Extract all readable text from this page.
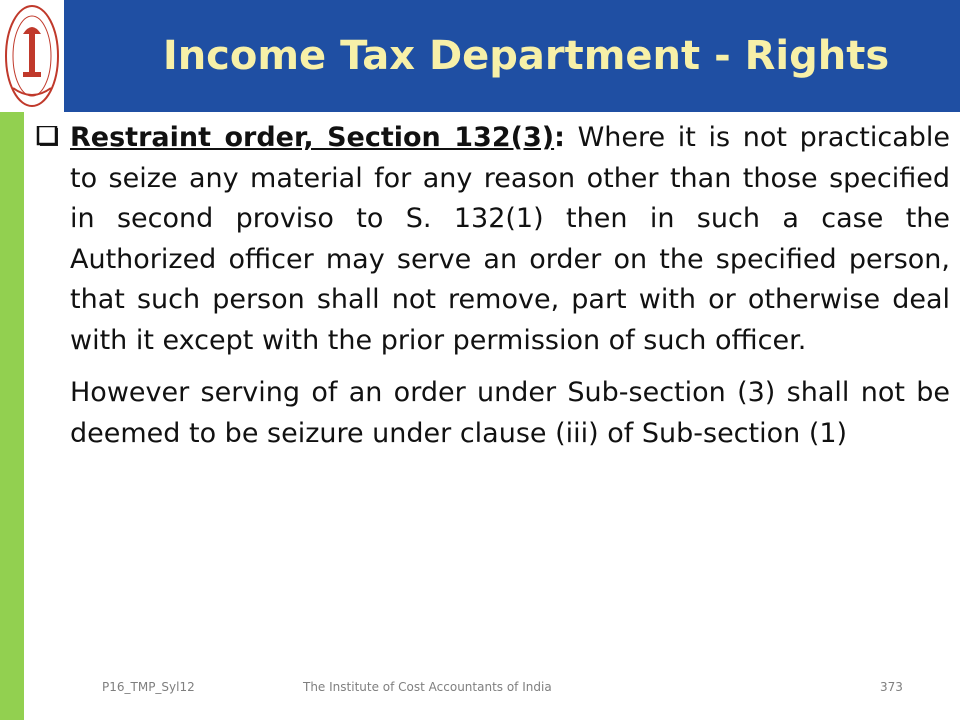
Income Tax Department - Rights
Restraint order, Section 132(3): Where it is not practicable to seize any material for any reason other than those specified in second proviso to S. 132(1) then in such a case the Authorized officer may serve an order on the specified person, that such person shall not remove, part with or otherwise deal with it except with the prior permission of such officer.
However serving of an order under Sub-section (3) shall not be deemed to be seizure under clause (iii) of Sub-section (1)
P16_TMP_Syl12	The Institute of Cost Accountants of India	373
